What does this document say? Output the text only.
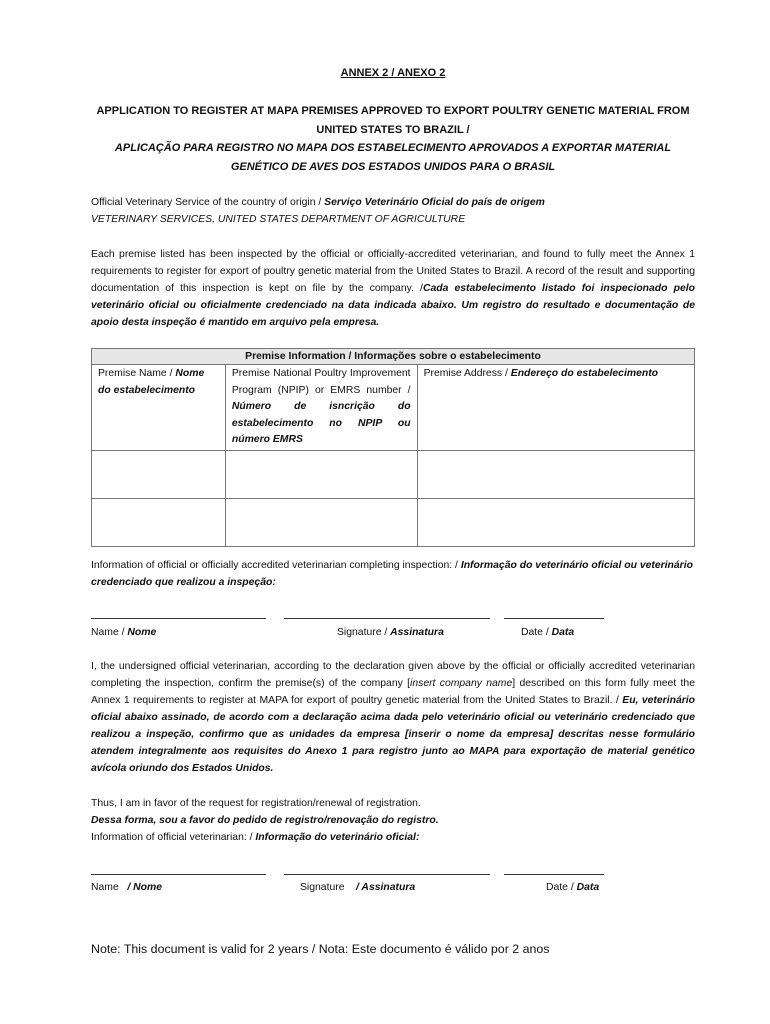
ANNEX 2 / ANEXO 2
APPLICATION TO REGISTER AT MAPA PREMISES APPROVED TO EXPORT POULTRY GENETIC MATERIAL FROM UNITED STATES TO BRAZIL /
APLICAÇÃO PARA REGISTRO NO MAPA DOS ESTABELECIMENTO APROVADOS A EXPORTAR MATERIAL GENÉTICO DE AVES DOS ESTADOS UNIDOS PARA O BRASIL
Official Veterinary Service of the country of origin / Serviço Veterinário Oficial do país de origem
VETERINARY SERVICES, UNITED STATES DEPARTMENT OF AGRICULTURE
Each premise listed has been inspected by the official or officially-accredited veterinarian, and found to fully meet the Annex 1 requirements to register for export of poultry genetic material from the United States to Brazil. A record of the result and supporting documentation of this inspection is kept on file by the company. /Cada estabelecimento listado foi inspecionado pelo veterinário oficial ou oficialmente credenciado na data indicada abaixo. Um registro do resultado e documentação de apoio desta inspeção é mantido em arquivo pela empresa.
Premise Information / Informações sobre o estabelecimento		
Premise Name / Nome do estabelecimento	Premise National Poultry Improvement Program (NPIP) or EMRS number / Número de isncrição do estabelecimento no NPIP ou número EMRS	Premise Address / Endereço do estabelecimento

Information of official or officially accredited veterinarian completing inspection: / Informação do veterinário oficial ou veterinário credenciado que realizou a inspeção:
Name / Nome	Signature / Assinatura	Date / Data
I, the undersigned official veterinarian, according to the declaration given above by the official or officially accredited veterinarian completing the inspection, confirm the premise(s) of the company [insert company name] described on this form fully meet the Annex 1 requirements to register at MAPA for export of poultry genetic material from the United States to Brazil. / Eu, veterinário oficial abaixo assinado, de acordo com a declaração acima dada pelo veterinário oficial ou veterinário credenciado que realizou a inspeção, confirmo que as unidades da empresa [inserir o nome da empresa] descritas nesse formulário atendem integralmente aos requisites do Anexo 1 para registro junto ao MAPA para exportação de material genético avícola oriundo dos Estados Unidos.
Thus, I am in favor of the request for registration/renewal of registration.
Dessa forma, sou a favor do pedido de registro/renovação do registro.
Information of official veterinarian: / Informação do veterinário oficial:
Name / Nome	Signature / Assinatura	Date / Data
Note: This document is valid for 2 years / Nota: Este documento é válido por 2 anos
